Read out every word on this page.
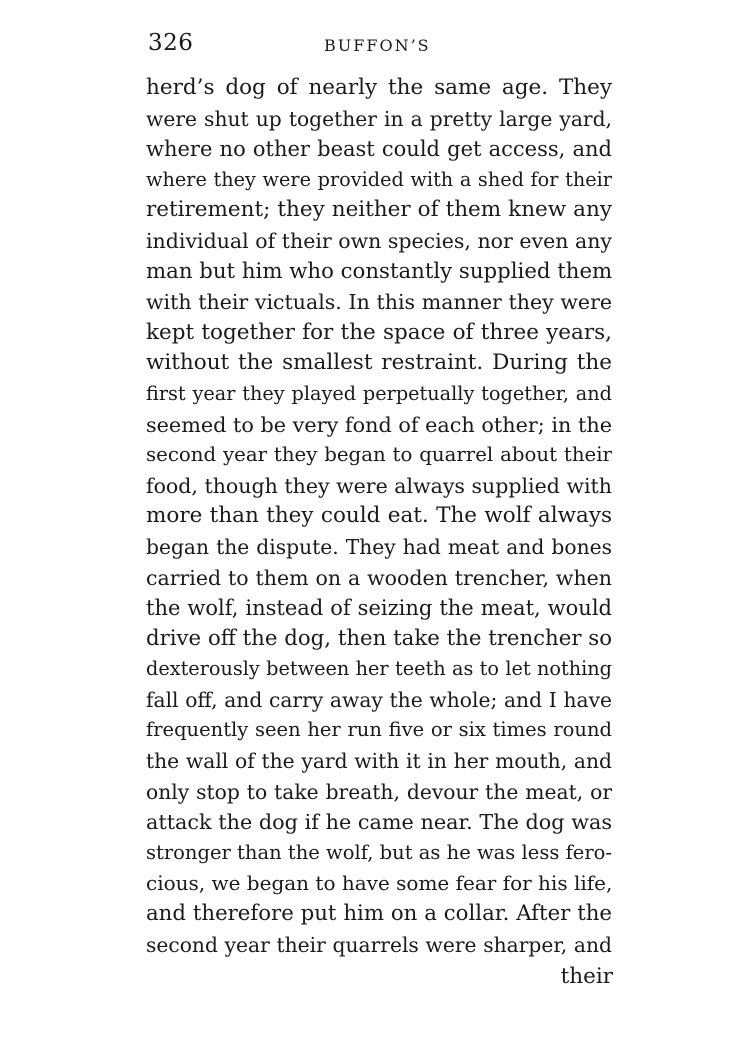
326	BUFFON’S
herd’s dog of nearly the same age. They
were shut up together in a pretty large yard,
where no other beast could get access, and
where they were provided with a shed for their
retirement; they neither of them knew any
individual of their own species, nor even any
man but him who constantly supplied them
with their victuals. In this manner they were
kept together for the space of three years,
without the smallest restraint. During the
first year they played perpetually together, and
seemed to be very fond of each other; in the
second year they began to quarrel about their
food, though they were always supplied with
more than they could eat. The wolf always
began the dispute. They had meat and bones
carried to them on a wooden trencher, when
the wolf, instead of seizing the meat, would
drive off the dog, then take the trencher so
dexterously between her teeth as to let nothing
fall off, and carry away the whole; and I have
frequently seen her run five or six times round
the wall of the yard with it in her mouth, and
only stop to take breath, devour the meat, or
attack the dog if he came near. The dog was
stronger than the wolf, but as he was less fero-
cious, we began to have some fear for his life,
and therefore put him on a collar. After the
second year their quarrels were sharper, and
their
